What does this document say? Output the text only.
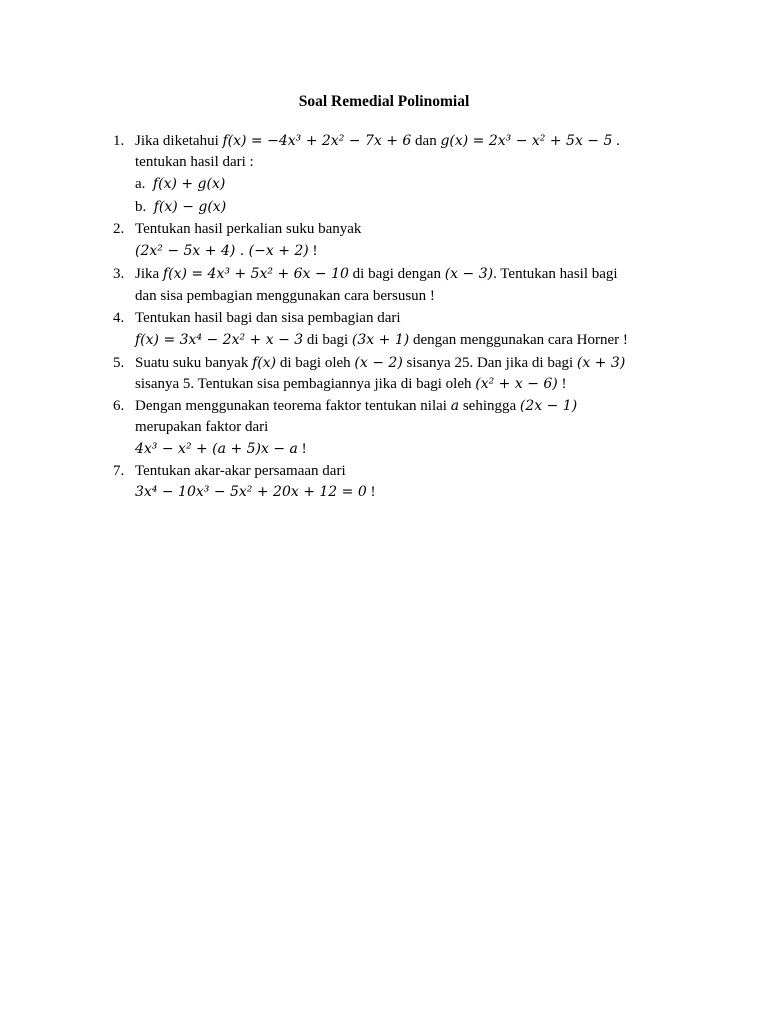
Soal Remedial Polinomial
1. Jika diketahui f(x) = −4x³ + 2x² − 7x + 6 dan g(x) = 2x³ − x² + 5x − 5 .
tentukan hasil dari :
a. f(x) + g(x)
b. f(x) − g(x)
2. Tentukan hasil perkalian suku banyak
(2x² − 5x + 4) . (−x + 2) !
3. Jika f(x) = 4x³ + 5x² + 6x − 10 di bagi dengan (x − 3). Tentukan hasil bagi
dan sisa pembagian menggunakan cara bersusun !
4. Tentukan hasil bagi dan sisa pembagian dari
f(x) = 3x⁴ − 2x² + x − 3 di bagi (3x + 1) dengan menggunakan cara Horner !
5. Suatu suku banyak f(x) di bagi oleh (x − 2) sisanya 25. Dan jika di bagi (x + 3)
sisanya 5. Tentukan sisa pembagiannya jika di bagi oleh (x² + x − 6) !
6. Dengan menggunakan teorema faktor tentukan nilai a sehingga (2x − 1)
merupakan faktor dari
4x³ − x² + (a + 5)x − a !
7. Tentukan akar-akar persamaan dari
3x⁴ − 10x³ − 5x² + 20x + 12 = 0 !
